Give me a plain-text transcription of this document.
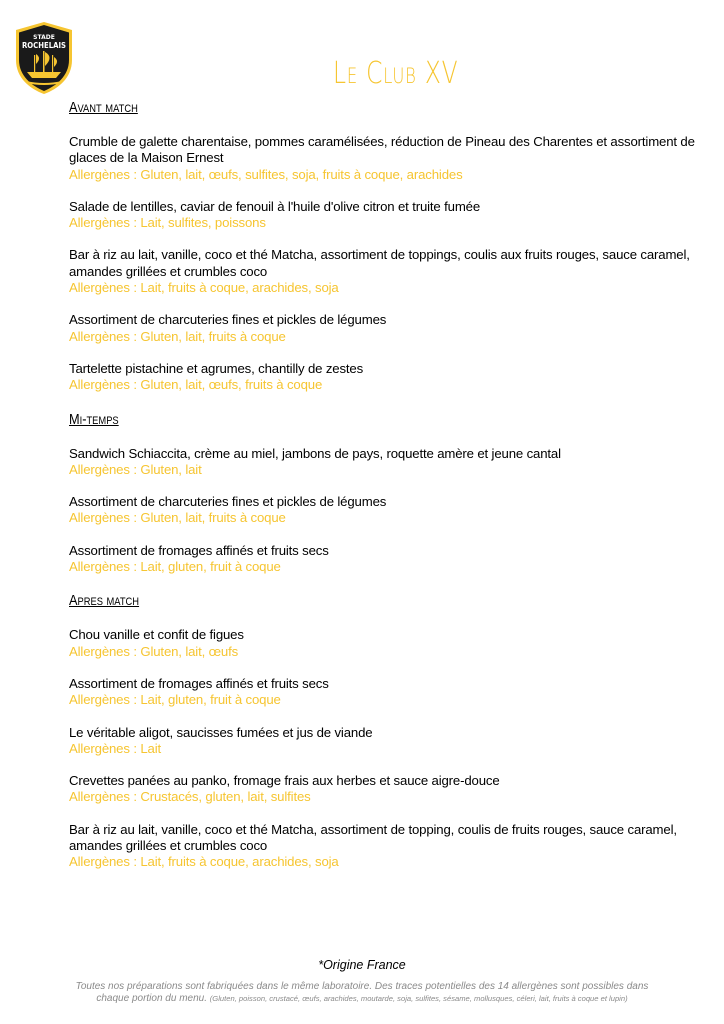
STADE
ROCHELAIS
Le Club XV
Avant match

Crumble de galette charentaise, pommes caramélisées, réduction de Pineau des Charentes et assortiment de glaces de la Maison Ernest

Allergènes : Gluten, lait, œufs, sulfites, soja, fruits à coque, arachides

Salade de lentilles, caviar de fenouil à l'huile d'olive citron et truite fumée

Allergènes : Lait, sulfites, poissons

Bar à riz au lait, vanille, coco et thé Matcha, assortiment de toppings, coulis aux fruits rouges, sauce caramel, amandes grillées et crumbles coco

Allergènes : Lait, fruits à coque, arachides, soja

Assortiment de charcuteries fines et pickles de légumes

Allergènes : Gluten, lait, fruits à coque

Tartelette pistachine et agrumes, chantilly de zestes

Allergènes : Gluten, lait, œufs, fruits à coque

Mi-temps

Sandwich Schiaccita, crème au miel, jambons de pays, roquette amère et jeune cantal

Allergènes : Gluten, lait

Assortiment de charcuteries fines et pickles de légumes

Allergènes : Gluten, lait, fruits à coque

Assortiment de fromages affinés et fruits secs

Allergènes : Lait, gluten, fruit à coque

Apres match

Chou vanille et confit de figues

Allergènes : Gluten, lait, œufs

Assortiment de fromages affinés et fruits secs

Allergènes : Lait, gluten, fruit à coque

Le véritable aligot, saucisses fumées et jus de viande

Allergènes : Lait

Crevettes panées au panko, fromage frais aux herbes et sauce aigre-douce

Allergènes : Crustacés, gluten, lait, sulfites

Bar à riz au lait, vanille, coco et thé Matcha, assortiment de topping, coulis de fruits rouges, sauce caramel, amandes grillées et crumbles coco

Allergènes : Lait, fruits à coque, arachides, soja

*Origine France
Toutes nos préparations sont fabriquées dans le même laboratoire. Des traces potentielles des 14 allergènes sont possibles dans chaque portion du menu. (Gluten, poisson, crustacé, œufs, arachides, moutarde, soja, sulfites, sésame, mollusques, céleri, lait, fruits à coque et lupin)
